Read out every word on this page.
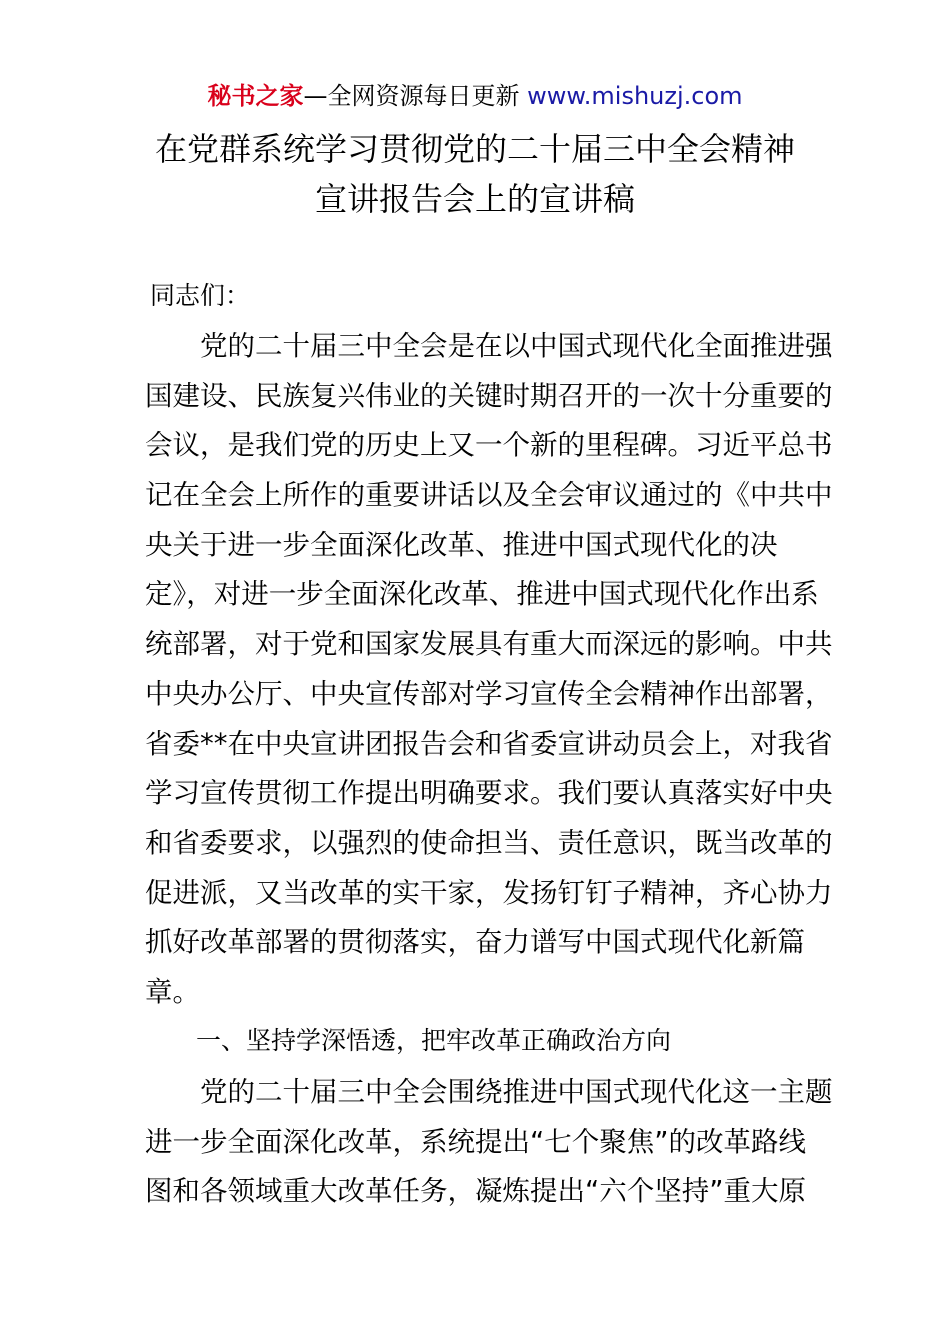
秘书之家—全网资源每日更新 www.mishuzj.com
在党群系统学习贯彻党的二十届三中全会精神
宣讲报告会上的宣讲稿
同志们：
　　党的二十届三中全会是在以中国式现代化全面推进强
国建设、民族复兴伟业的关键时期召开的一次十分重要的
会议，是我们党的历史上又一个新的里程碑。习近平总书
记在全会上所作的重要讲话以及全会审议通过的《中共中
央关于进一步全面深化改革、推进中国式现代化的决
定》，对进一步全面深化改革、推进中国式现代化作出系
统部署，对于党和国家发展具有重大而深远的影响。中共
中央办公厅、中央宣传部对学习宣传全会精神作出部署，
省委**在中央宣讲团报告会和省委宣讲动员会上，对我省
学习宣传贯彻工作提出明确要求。我们要认真落实好中央
和省委要求，以强烈的使命担当、责任意识，既当改革的
促进派，又当改革的实干家，发扬钉钉子精神，齐心协力
抓好改革部署的贯彻落实，奋力谱写中国式现代化新篇
章。
一、坚持学深悟透，把牢改革正确政治方向
　　党的二十届三中全会围绕推进中国式现代化这一主题
进一步全面深化改革，系统提出“七个聚焦”的改革路线
图和各领域重大改革任务，凝炼提出“六个坚持”重大原
